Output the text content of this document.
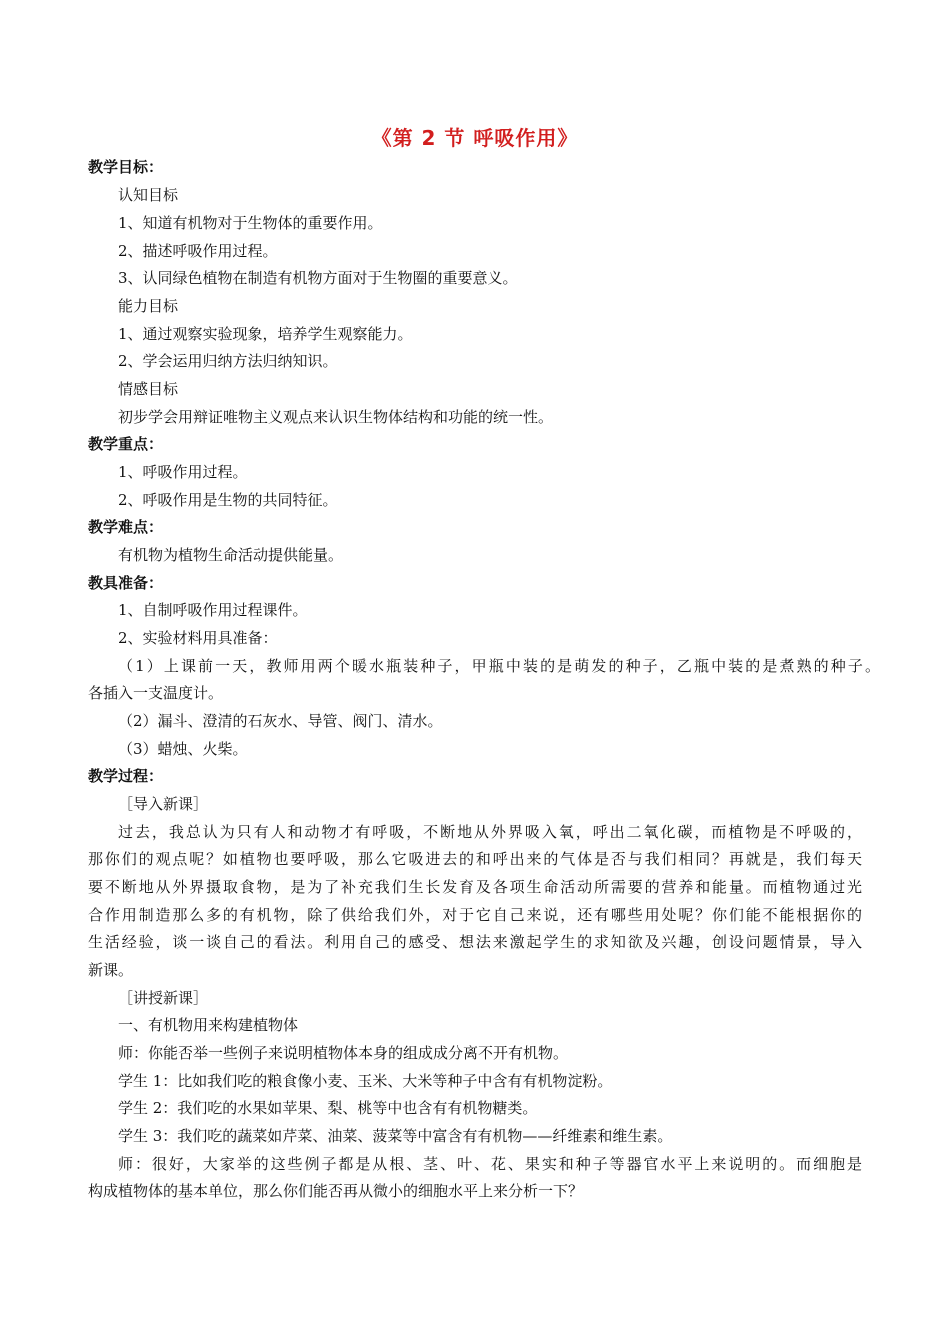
《第 2 节 呼吸作用》
教学目标：
认知目标
1、知道有机物对于生物体的重要作用。
2、描述呼吸作用过程。
3、认同绿色植物在制造有机物方面对于生物圈的重要意义。
能力目标
1、通过观察实验现象，培养学生观察能力。
2、学会运用归纳方法归纳知识。
情感目标
初步学会用辩证唯物主义观点来认识生物体结构和功能的统一性。
教学重点：
1、呼吸作用过程。
2、呼吸作用是生物的共同特征。
教学难点：
有机物为植物生命活动提供能量。
教具准备：
1、自制呼吸作用过程课件。
2、实验材料用具准备：
（1）上课前一天，教师用两个暖水瓶装种子，甲瓶中装的是萌发的种子，乙瓶中装的是煮熟的种子。
各插入一支温度计。
（2）漏斗、澄清的石灰水、导管、阀门、清水。
（3）蜡烛、火柴。
教学过程：
［导入新课］
过去，我总认为只有人和动物才有呼吸，不断地从外界吸入氧，呼出二氧化碳，而植物是不呼吸的，
那你们的观点呢？如植物也要呼吸，那么它吸进去的和呼出来的气体是否与我们相同？再就是，我们每天
要不断地从外界摄取食物，是为了补充我们生长发育及各项生命活动所需要的营养和能量。而植物通过光
合作用制造那么多的有机物，除了供给我们外，对于它自己来说，还有哪些用处呢？你们能不能根据你的
生活经验，谈一谈自己的看法。利用自己的感受、想法来激起学生的求知欲及兴趣，创设问题情景，导入
新课。
［讲授新课］
一、有机物用来构建植物体
师：你能否举一些例子来说明植物体本身的组成成分离不开有机物。
学生 1：比如我们吃的粮食像小麦、玉米、大米等种子中含有有机物淀粉。
学生 2：我们吃的水果如苹果、梨、桃等中也含有有机物糖类。
学生 3：我们吃的蔬菜如芹菜、油菜、菠菜等中富含有有机物——纤维素和维生素。
师：很好，大家举的这些例子都是从根、茎、叶、花、果实和种子等器官水平上来说明的。而细胞是
构成植物体的基本单位，那么你们能否再从微小的细胞水平上来分析一下？
